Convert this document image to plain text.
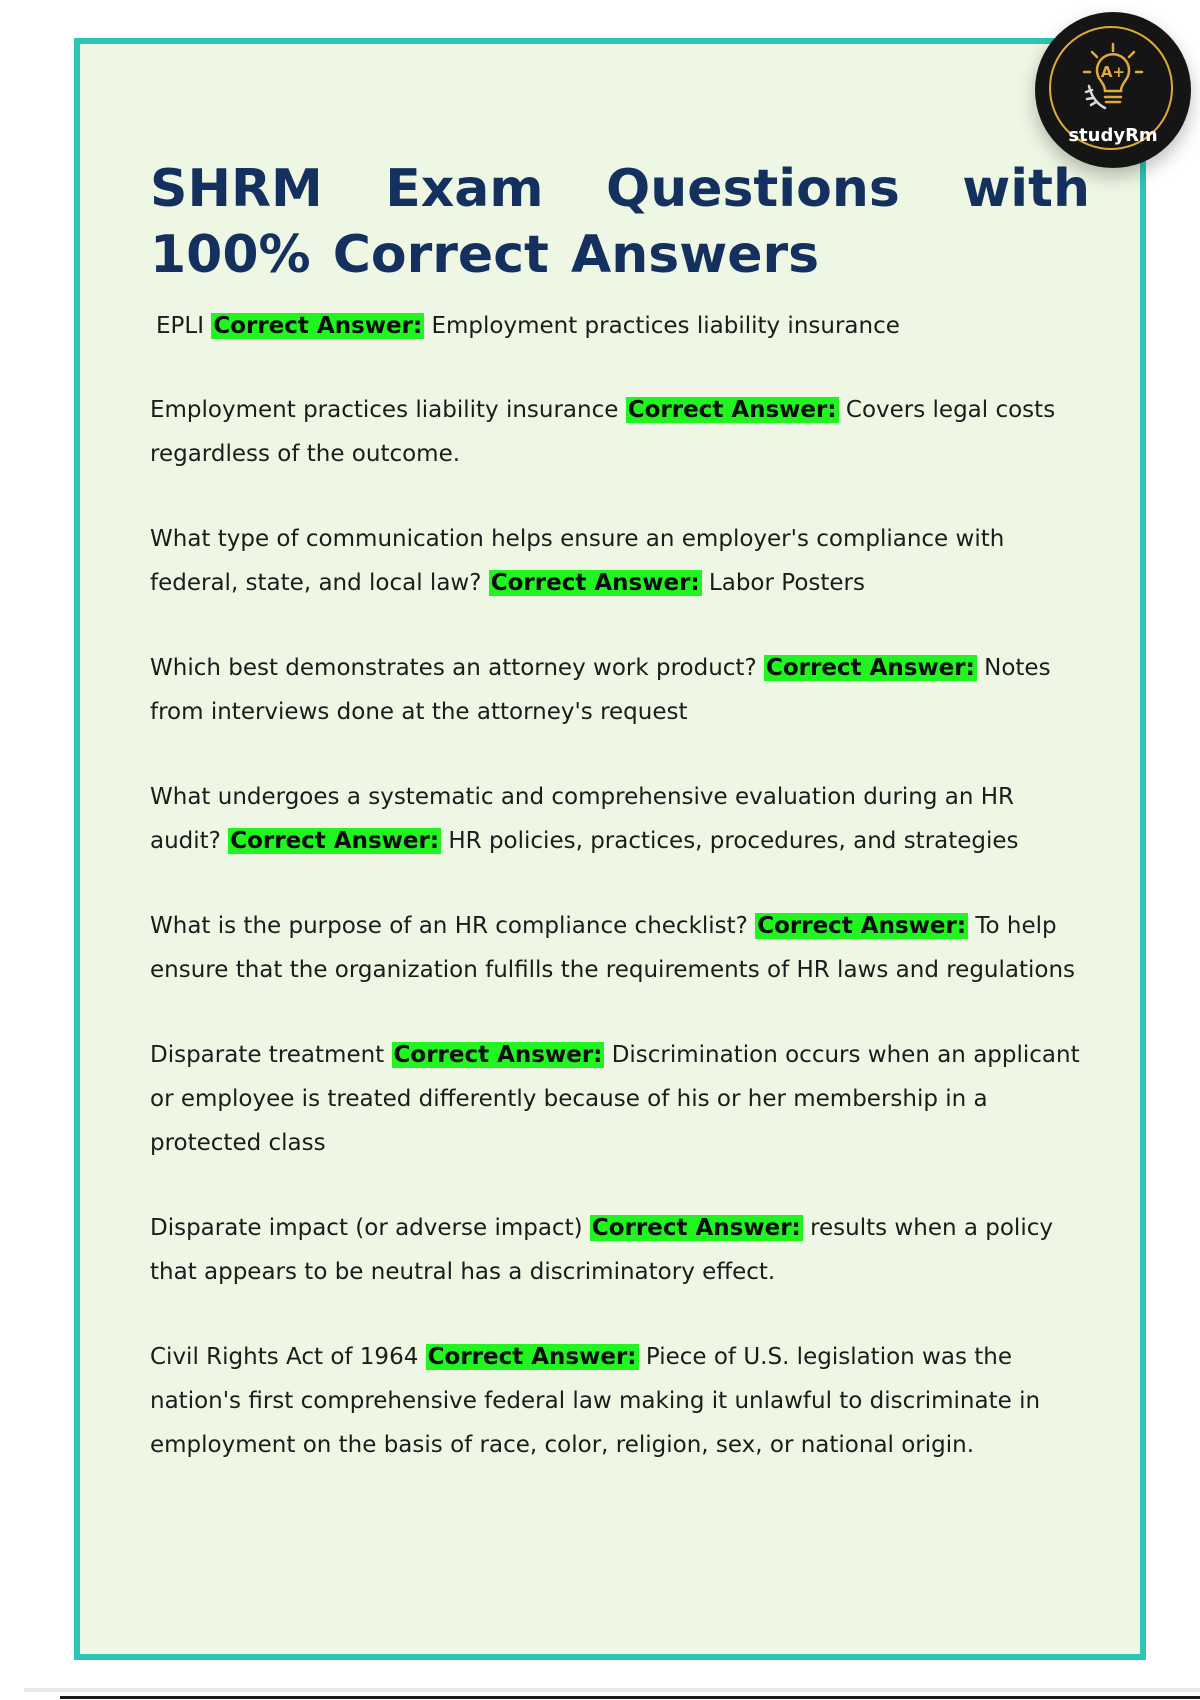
SHRM Exam Questions with 100% Correct Answers

EPLI Correct Answer: Employment practices liability insurance

Employment practices liability insurance Correct Answer: Covers legal costs regardless of the outcome.

What type of communication helps ensure an employer's compliance with federal, state, and local law? Correct Answer: Labor Posters

Which best demonstrates an attorney work product? Correct Answer: Notes from interviews done at the attorney's request

What undergoes a systematic and comprehensive evaluation during an HR audit? Correct Answer: HR policies, practices, procedures, and strategies

What is the purpose of an HR compliance checklist? Correct Answer: To help ensure that the organization fulfills the requirements of HR laws and regulations

Disparate treatment Correct Answer: Discrimination occurs when an applicant or employee is treated differently because of his or her membership in a protected class

Disparate impact (or adverse impact) Correct Answer: results when a policy that appears to be neutral has a discriminatory effect.

Civil Rights Act of 1964 Correct Answer: Piece of U.S. legislation was the nation's first comprehensive federal law making it unlawful to discriminate in employment on the basis of race, color, religion, sex, or national origin.

A+
studyRm
